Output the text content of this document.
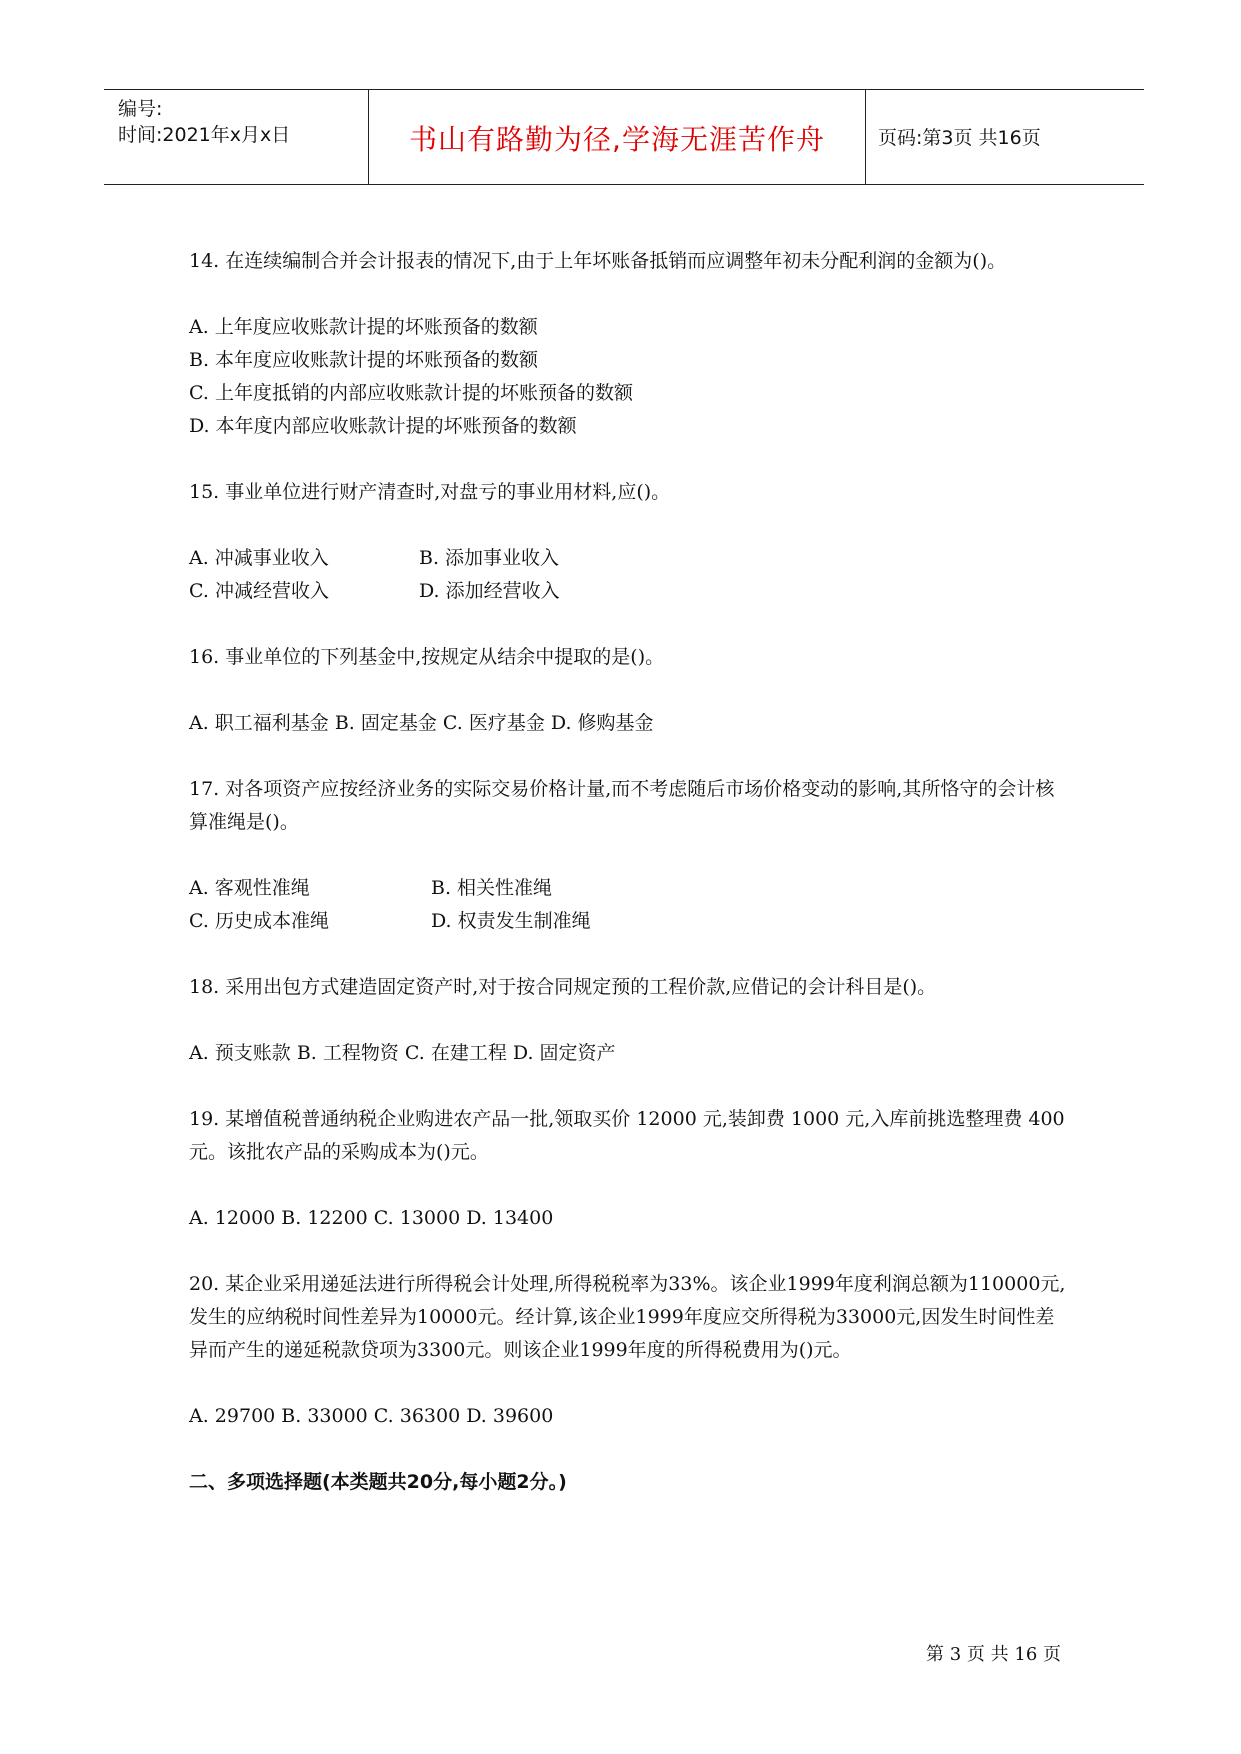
编号:
时间:2021年x月x日	书山有路勤为径,学海无涯苦作舟	页码:第3页 共16页

14. 在连续编制合并会计报表的情况下,由于上年坏账备抵销而应调整年初未分配利润的金额为()。

A. 上年度应收账款计提的坏账预备的数额

B. 本年度应收账款计提的坏账预备的数额

C. 上年度抵销的内部应收账款计提的坏账预备的数额

D. 本年度内部应收账款计提的坏账预备的数额

15. 事业单位进行财产清查时,对盘亏的事业用材料,应()。

A. 冲减事业收入	B. 添加事业收入
C. 冲减经营收入	D. 添加经营收入

16. 事业单位的下列基金中,按规定从结余中提取的是()。

A. 职工福利基金 B. 固定基金 C. 医疗基金 D. 修购基金

17. 对各项资产应按经济业务的实际交易价格计量,而不考虑随后市场价格变动的影响,其所恪守的会计核算准绳是()。

A. 客观性准绳	B. 相关性准绳
C. 历史成本准绳	D. 权责发生制准绳

18. 采用出包方式建造固定资产时,对于按合同规定预的工程价款,应借记的会计科目是()。

A. 预支账款 B. 工程物资 C. 在建工程 D. 固定资产

19. 某增值税普通纳税企业购进农产品一批,领取买价 12000 元,装卸费 1000 元,入库前挑选整理费 400 元。该批农产品的采购成本为()元。

A. 12000 B. 12200 C. 13000 D. 13400

20. 某企业采用递延法进行所得税会计处理,所得税税率为33%。该企业1999年度利润总额为110000元,发生的应纳税时间性差异为10000元。经计算,该企业1999年度应交所得税为33000元,因发生时间性差异而产生的递延税款贷项为3300元。则该企业1999年度的所得税费用为()元。

A. 29700 B. 33000 C. 36300 D. 39600

二、多项选择题(本类题共20分,每小题2分。)

第 3 页 共 16 页
